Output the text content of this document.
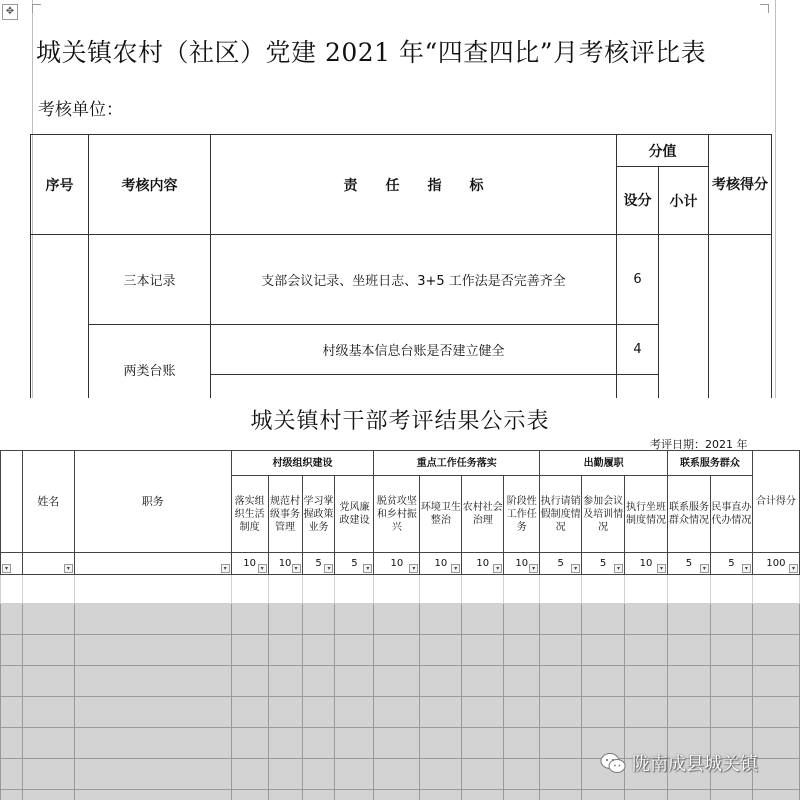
✥
城关镇农村（社区）党建 2021 年“四查四比”月考核评比表
考核单位：
序号	考核内容	责　　任　　指　　标	分值		考核得分
			设分	小计	
	三本记录	支部会议记录、坐班日志、3+5 工作法是否完善齐全	6		
	两类台账	村级基本信息台账是否建立健全	4		

城关镇村干部考评结果公示表
考评日期：2021 年
	姓名	职务	村级组织建设				重点工作任务落实				出勤履职			联系服务群众		合计得分
			落实组织生活制度	规范村级事务管理	学习掌握政策业务	党风廉政建设	脱贫攻坚和乡村振兴	环境卫生整治	农村社会治理	阶段性工作任务	执行请销假制度情况	参加会议及培训情况	执行坐班制度情况	联系服务群众情况	民事直办代办情况	

▾	▾	▾	10 ▾	10 ▾	5 ▾	5 ▾	10 ▾	10 ▾	10 ▾	10 ▾	5 ▾	5 ▾	10 ▾	5 ▾	5 ▾	100 ▾

陇南成县城关镇
